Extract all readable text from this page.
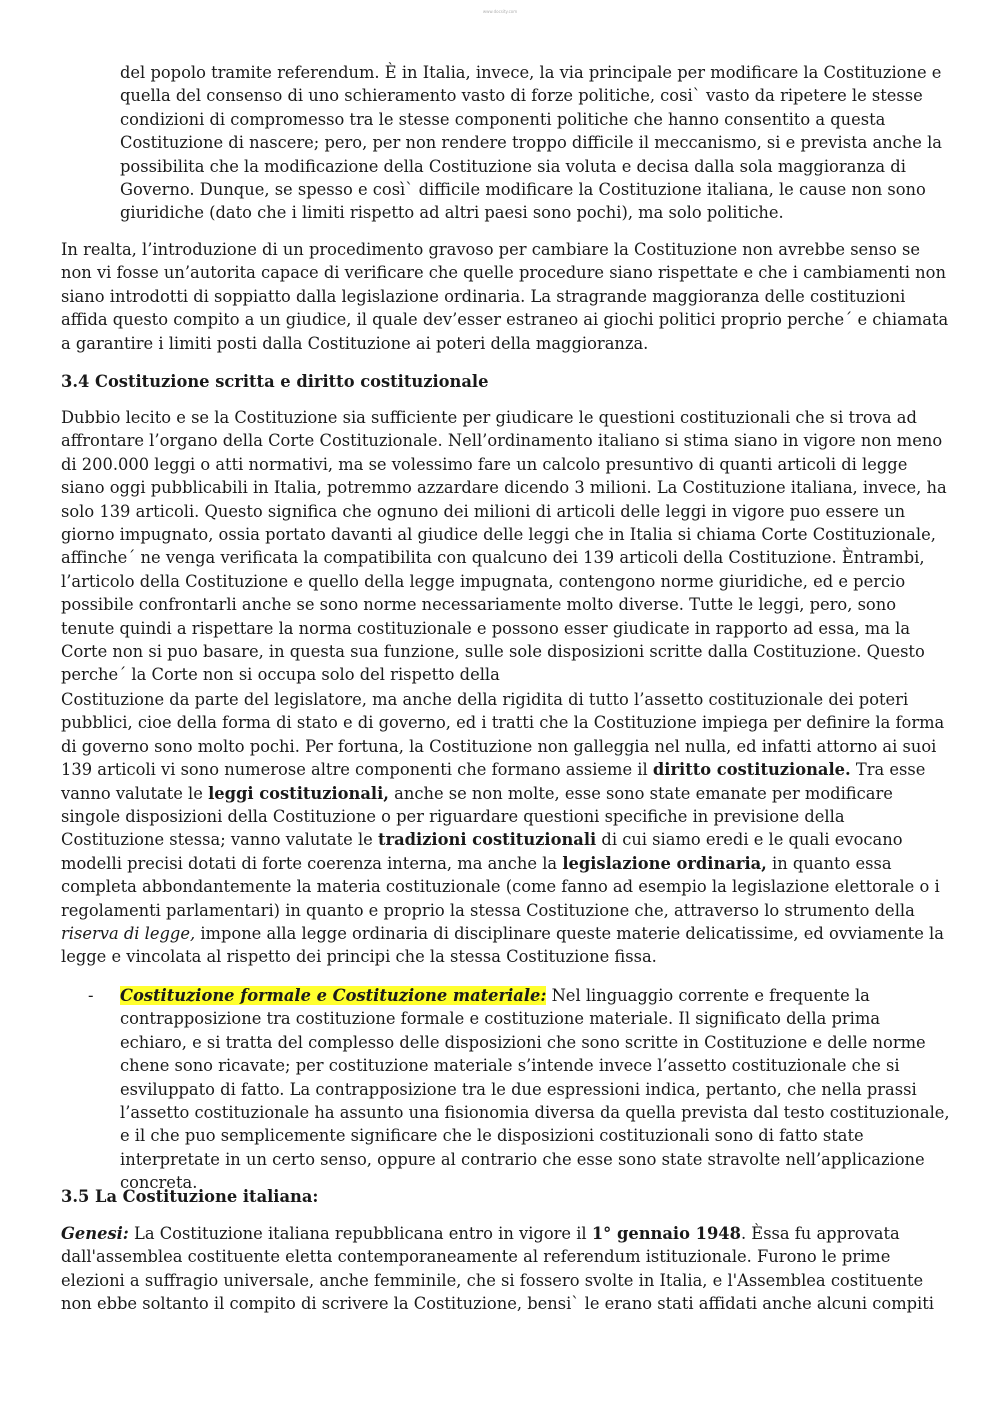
www.docsity.com

del popolo tramite referendum. È in Italia, invece, la via principale per modificare la Costituzione e quella del consenso di uno schieramento vasto di forze politiche, cosi` vasto da ripetere le stesse condizioni di compromesso tra le stesse componenti politiche che hanno consentito a questa Costituzione di nascere; pero, per non rendere troppo difficile il meccanismo, si e prevista anche la possibilita che la modificazione della Costituzione sia voluta e decisa dalla sola maggioranza di Governo. Dunque, se spesso e così` difficile modificare la Costituzione italiana, le cause non sono giuridiche (dato che i limiti rispetto ad altri paesi sono pochi), ma solo politiche.

In realta, l’introduzione di un procedimento gravoso per cambiare la Costituzione non avrebbe senso se non vi fosse un’autorita capace di verificare che quelle procedure siano rispettate e che i cambiamenti non siano introdotti di soppiatto dalla legislazione ordinaria. La stragrande maggioranza delle costituzioni affida questo compito a un giudice, il quale dev’esser estraneo ai giochi politici proprio perche´ e chiamata a garantire i limiti posti dalla Costituzione ai poteri della maggioranza.

3.4 Costituzione scritta e diritto costituzionale

Dubbio lecito e se la Costituzione sia sufficiente per giudicare le questioni costituzionali che si trova ad affrontare l’organo della Corte Costituzionale. Nell’ordinamento italiano si stima siano in vigore non meno di 200.000 leggi o atti normativi, ma se volessimo fare un calcolo presuntivo di quanti articoli di legge siano oggi pubblicabili in Italia, potremmo azzardare dicendo 3 milioni. La Costituzione italiana, invece, ha solo 139 articoli. Questo significa che ognuno dei milioni di articoli delle leggi in vigore puo essere un giorno impugnato, ossia portato davanti al giudice delle leggi che in Italia si chiama Corte Costituzionale, affinche´ ne venga verificata la compatibilita con qualcuno dei 139 articoli della Costituzione. Èntrambi, l’articolo della Costituzione e quello della legge impugnata, contengono norme giuridiche, ed e percio possibile confrontarli anche se sono norme necessariamente molto diverse. Tutte le leggi, pero, sono tenute quindi a rispettare la norma costituzionale e possono esser giudicate in rapporto ad essa, ma la Corte non si puo basare, in questa sua funzione, sulle sole disposizioni scritte dalla Costituzione. Questo perche´ la Corte non si occupa solo del rispetto della

Costituzione da parte del legislatore, ma anche della rigidita di tutto l’assetto costituzionale dei poteri pubblici, cioe della forma di stato e di governo, ed i tratti che la Costituzione impiega per definire la forma di governo sono molto pochi. Per fortuna, la Costituzione non galleggia nel nulla, ed infatti attorno ai suoi 139 articoli vi sono numerose altre componenti che formano assieme il diritto costituzionale. Tra esse vanno valutate le leggi costituzionali, anche se non molte, esse sono state emanate per modificare singole disposizioni della Costituzione o per riguardare questioni specifiche in previsione della Costituzione stessa; vanno valutate le tradizioni costituzionali di cui siamo eredi e le quali evocano modelli precisi dotati di forte coerenza interna, ma anche la legislazione ordinaria, in quanto essa completa abbondantemente la materia costituzionale (come fanno ad esempio la legislazione elettorale o i regolamenti parlamentari) in quanto e proprio la stessa Costituzione che, attraverso lo strumento della riserva di legge, impone alla legge ordinaria di disciplinare queste materie delicatissime, ed ovviamente la legge e vincolata al rispetto dei principi che la stessa Costituzione fissa.

- Costituzione formale e Costituzione materiale: Nel linguaggio corrente e frequente la contrapposizione tra costituzione formale e costituzione materiale. Il significato della prima echiaro, e si tratta del complesso delle disposizioni che sono scritte in Costituzione e delle norme chene sono ricavate; per costituzione materiale s’intende invece l’assetto costituzionale che si esviluppato di fatto. La contrapposizione tra le due espressioni indica, pertanto, che nella prassi l’assetto costituzionale ha assunto una fisionomia diversa da quella prevista dal testo costituzionale, e il che puo semplicemente significare che le disposizioni costituzionali sono di fatto state interpretate in un certo senso, oppure al contrario che esse sono state stravolte nell’applicazione concreta.

3.5 La Costituzione italiana:

Genesi: La Costituzione italiana repubblicana entro in vigore il 1° gennaio 1948. Èssa fu approvata dall'assemblea costituente eletta contemporaneamente al referendum istituzionale. Furono le prime elezioni a suffragio universale, anche femminile, che si fossero svolte in Italia, e l'Assemblea costituente non ebbe soltanto il compito di scrivere la Costituzione, bensi` le erano stati affidati anche alcuni compiti
